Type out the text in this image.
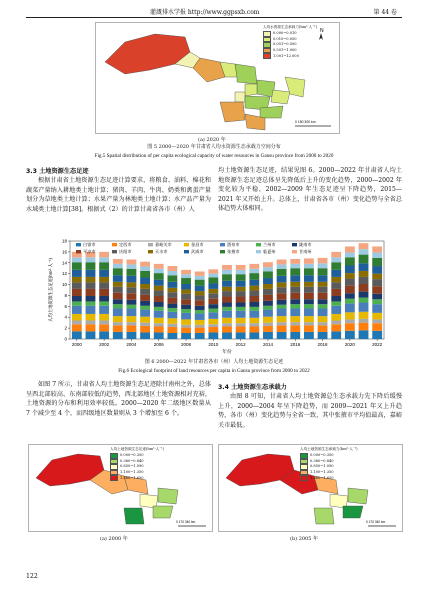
灌溉排水学报 http://www.ggpsxb.com	第 44 卷
N
0 150 300 km
人均水资源生态承载力(hm²·人⁻¹)
0.000~0.010
0.010~0.050
0.051~0.500
0.501~1.000
1.001~12.000
(a) 2020 年
图 5 2000—2020 年甘肃省人均水资源生态承载力空间分布
Fig.5 Spatial distribution of per capita ecological capacity of water resources in Gansu province from 2000 to 2020
3.3 土地资源生态足迹
根据甘肃省土地资源生态足迹计算要求，将粮食、油料、棉花和蔬菜产量纳入耕地类土地计算；猪肉、羊肉、牛肉、奶类和禽蛋产量划分为草地类土地计算；水果产量为林地类土地计算；水产品产量为水域类土地计算[38]。根据式（2）的计算甘肃省各市（州）人
均土地资源生态足迹，结果见图 6。2000—2022 年甘肃省人均土地资源生态足迹总体呈先降低后上升的变化趋势，2000—2002 年变化较为平稳，2002—2009 年生态足迹呈下降趋势，2015—2021 年又开始上升。总体上，甘肃省各市（州）变化趋势与全省总体趋势大体相同。
0
2
4
6
8
10
12
14
16
18
2000	2002	2004	2006	2008	2010	2012	2014	2016	2018	2020	2022
年份
人均土地资源生态足迹(hm²·人⁻¹)
白银市	定西市	嘉峪关市	金昌市	酒泉市	兰州市	陇南市
平凉市	庆阳市	天水市	武威市	张掖市	临夏州	甘南州
图 6 2000—2022 年甘肃省各市（州）人均土地资源生态足迹
Fig.6 Ecological footprint of land resources per capita in Gansu province from 2000 to 2022
如图 7 所示，甘肃省人均土地资源生态足迹除甘南州之外，总体呈西北部较高、东南部较低的趋势，西北部地区土地资源相对充裕，土地资源的分布和利用效率较低。2000—2020 年二级地区数量从 7 个减少至 4 个，而四级地区数量则从 3 个增加至 6 个。
3.4 土地资源生态承载力
由图 8 可知，甘肃省人均土地资源总生态承载力先下降后缓慢上升，2000—2004 年呈下降趋势，而 2009—2021 年又上升趋势，各市（州）变化趋势与全省一致，其中张掖市平均值最高，嘉峪关市最低。
0 170 340 km
人均土地资源生态足迹(hm²·人⁻¹)
0.000~0.350
0.360~0.840
0.850~1.090
1.100~1.350
1.360~1.650
(a) 2000 年
0 170 340 km
人均土地资源生态承载力(hm²·人⁻¹)
0.000~0.350
0.360~0.840
0.850~1.090
1.100~1.350
1.360~1.650
(b) 2005 年
122
